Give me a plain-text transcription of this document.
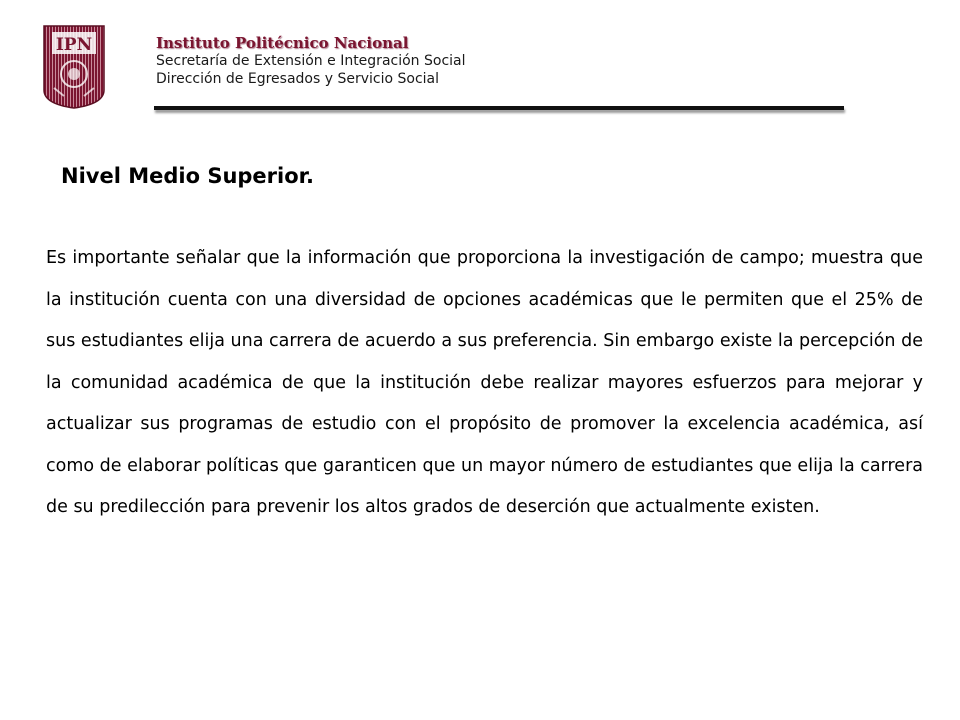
IPN	Instituto Politécnico Nacional
Secretaría de Extensión e Integración Social
Dirección de Egresados y Servicio Social
Nivel Medio Superior.

Es importante señalar que la información que proporciona la investigación de campo; muestra que la institución cuenta con una diversidad de opciones académicas que le permiten que el 25% de sus estudiantes elija una carrera de acuerdo a sus preferencia. Sin embargo existe la percepción de la comunidad académica de que la institución debe realizar mayores esfuerzos para mejorar y actualizar sus programas de estudio con el propósito de promover la excelencia académica, así como de elaborar políticas que garanticen que un mayor número de estudiantes que elija la carrera de su predilección para prevenir los altos grados de deserción que actualmente existen.
